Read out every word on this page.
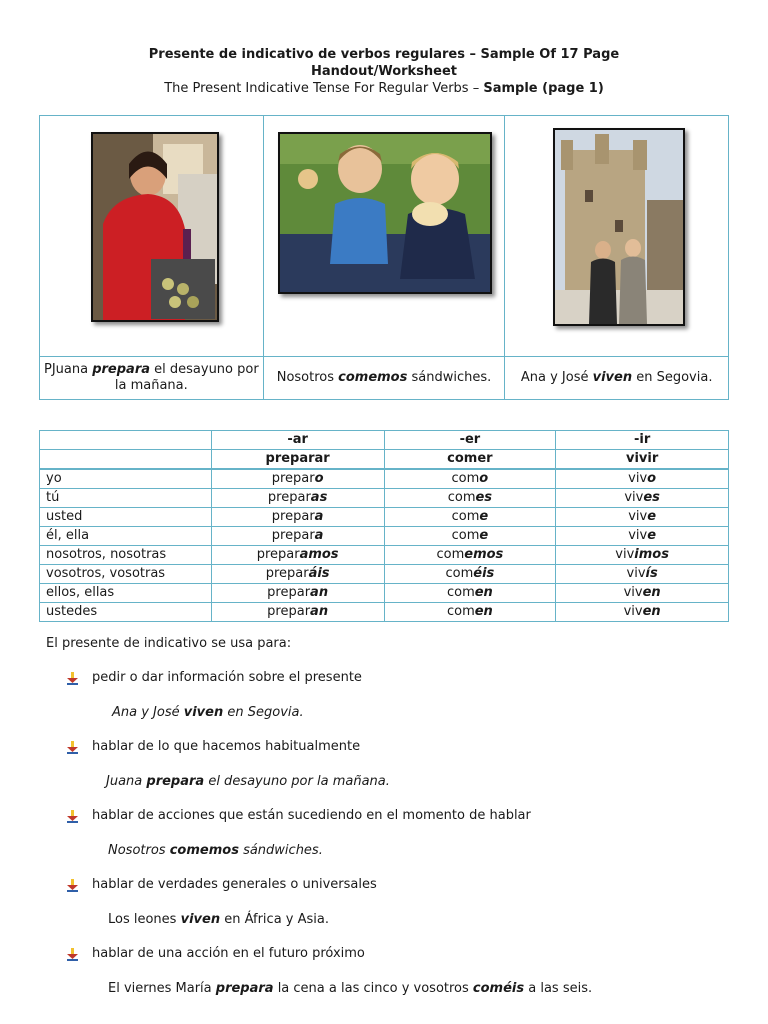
Presente de indicativo de verbos regulares – Sample Of 17 Page
Handout/Worksheet
The Present Indicative Tense For Regular Verbs – Sample (page 1)

PJuana prepara el desayuno por la mañana.	Nosotros comemos sándwiches.	Ana y José viven en Segovia.
	-ar	-er	-ir
	preparar	comer	vivir
yo	preparo	como	vivo
tú	preparas	comes	vives
usted	prepara	come	vive
él, ella	prepara	come	vive
nosotros, nosotras	preparamos	comemos	vivimos
vosotros, vosotras	preparáis	coméis	vivís
ellos, ellas	preparan	comen	viven
ustedes	preparan	comen	viven
El presente de indicativo se usa para:
pedir o dar información sobre el presente
Ana y José viven en Segovia.
hablar de lo que hacemos habitualmente
Juana prepara el desayuno por la mañana.
hablar de acciones que están sucediendo en el momento de hablar
Nosotros comemos sándwiches.
hablar de verdades generales o universales
Los leones viven en África y Asia.
hablar de una acción en el futuro próximo
El viernes María prepara la cena a las cinco y vosotros coméis a las seis.
